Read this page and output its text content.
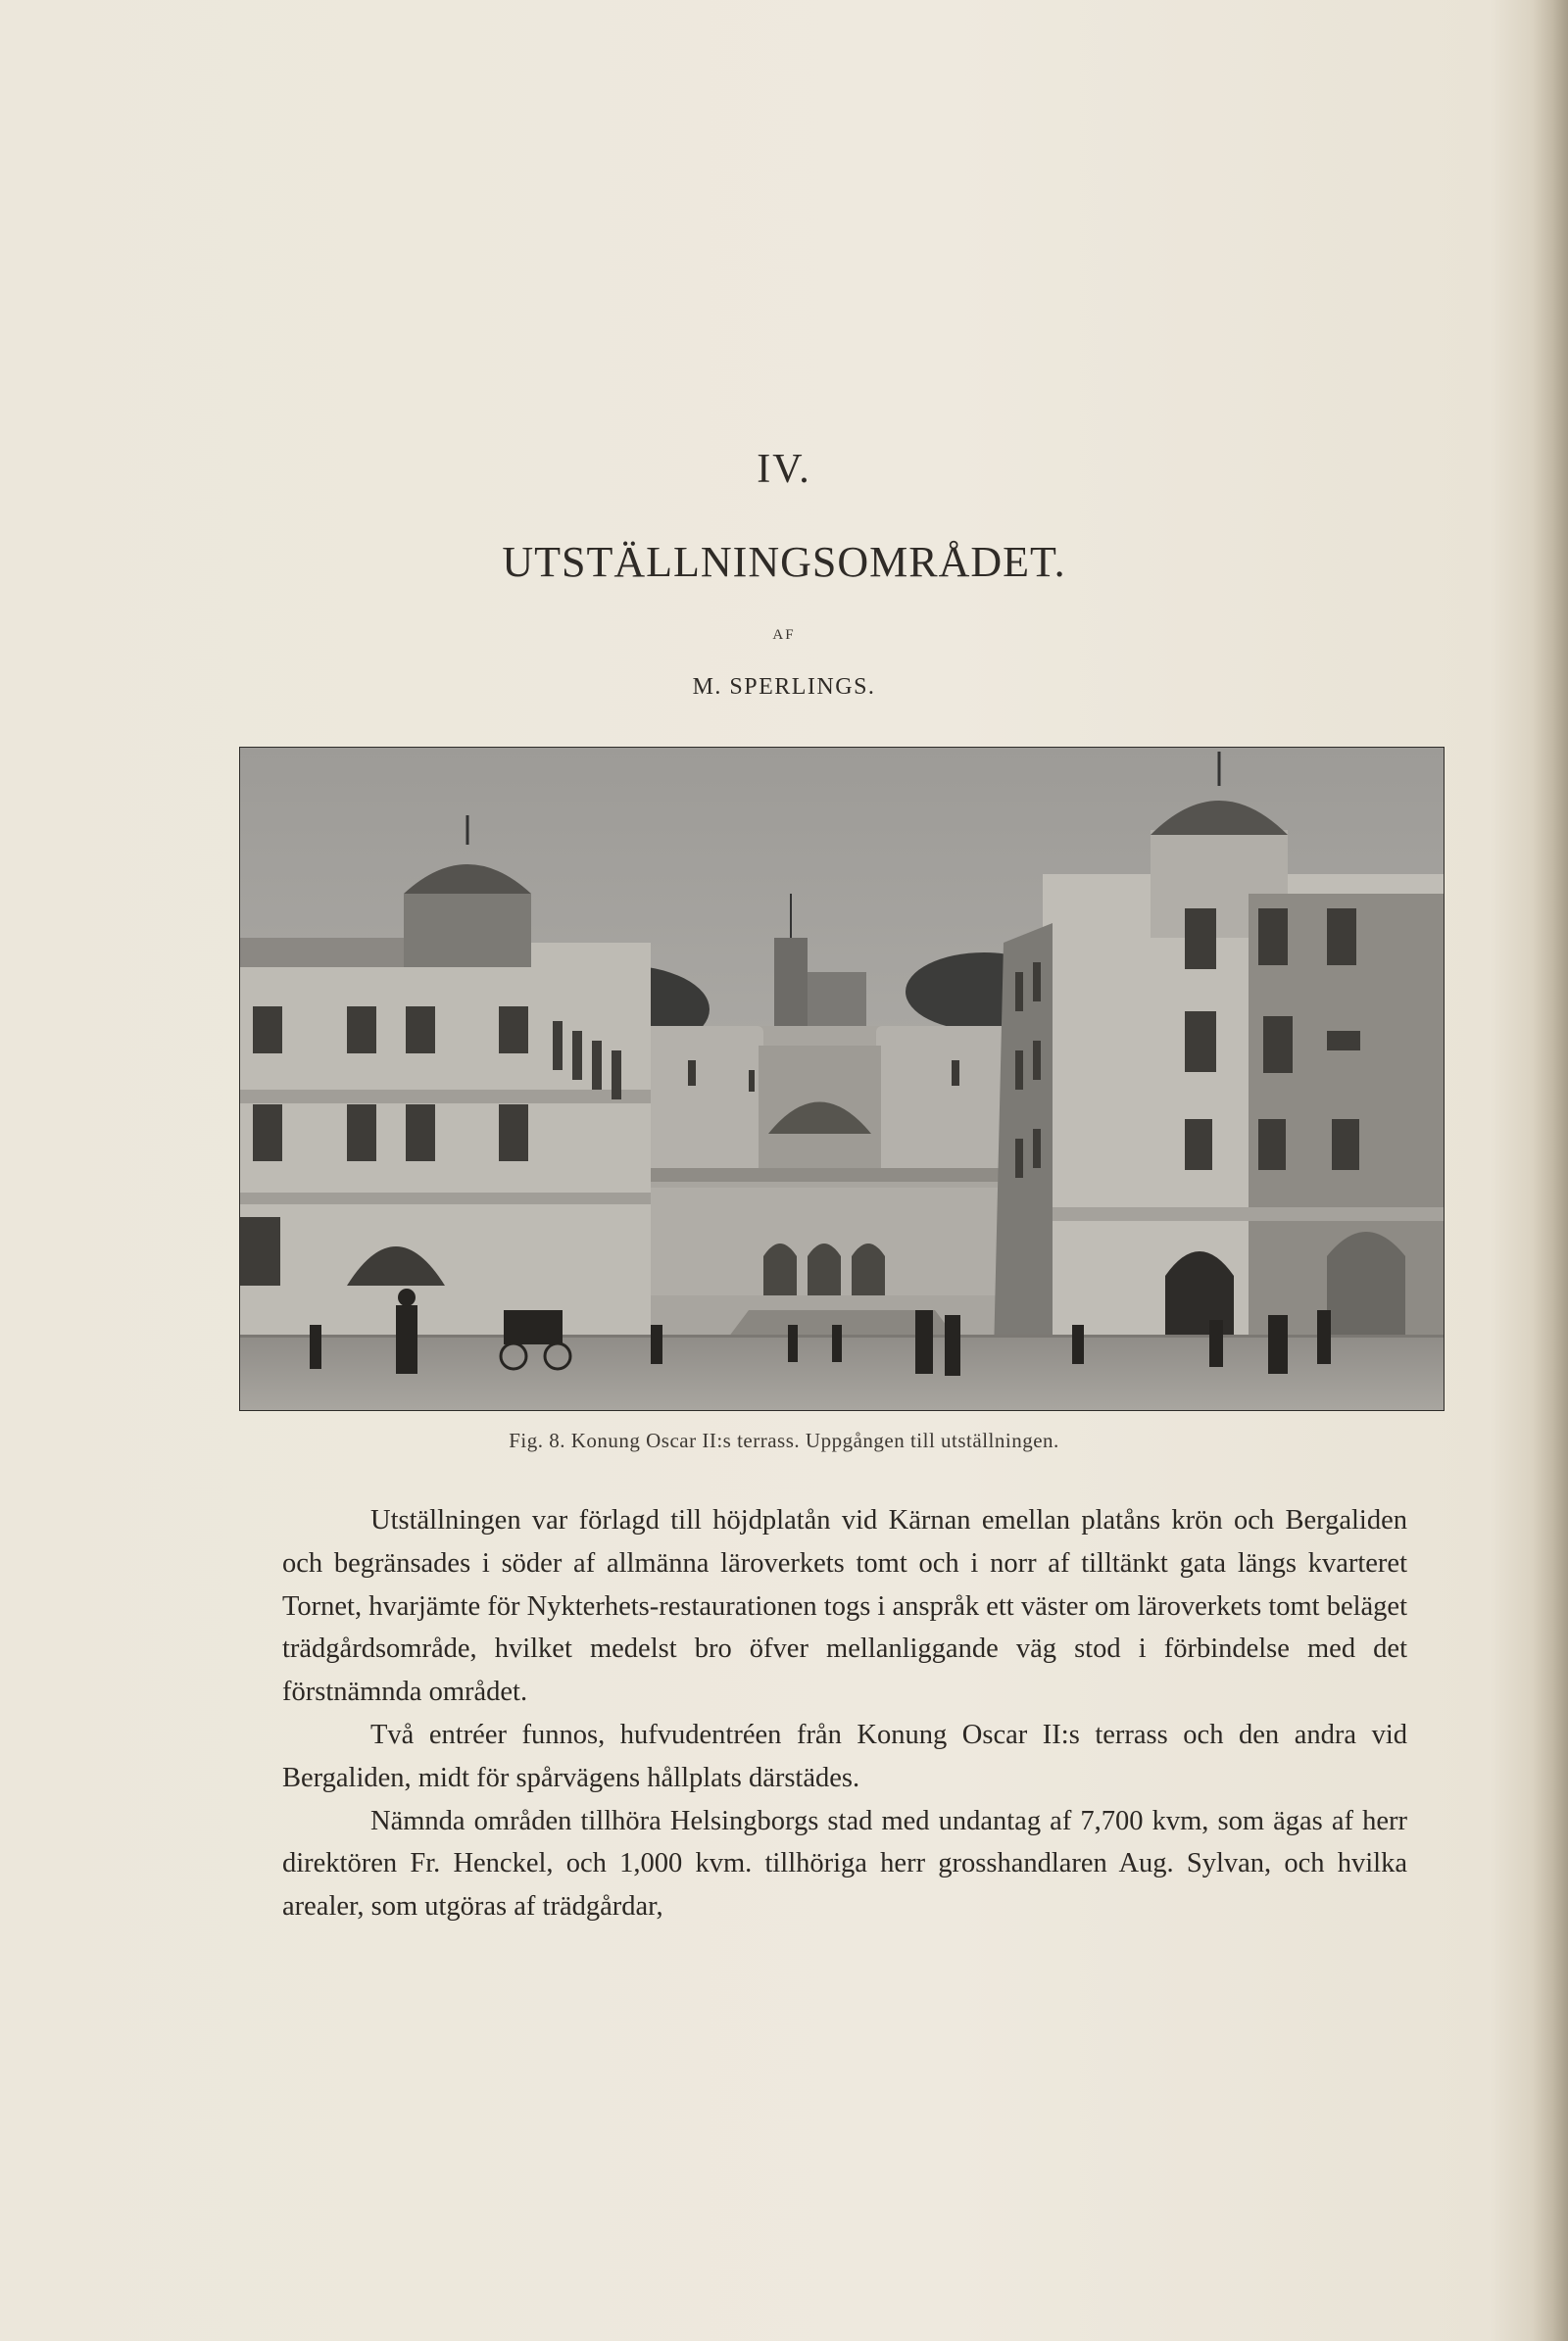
IV.
UTSTÄLLNINGSOMRÅDET.
AF
M. SPERLINGS.
Fig. 8. Konung Oscar II:s terrass. Uppgången till utställningen.

Utställningen var förlagd till höjdplatån vid Kärnan emellan platåns krön och Bergaliden och begränsades i söder af allmänna läroverkets tomt och i norr af tilltänkt gata längs kvarteret Tornet, hvarjämte för Nykterhets-restaurationen togs i anspråk ett väster om läroverkets tomt beläget trädgårdsområde, hvilket medelst bro öfver mellanliggande väg stod i förbindelse med det förstnämnda området.

Två entréer funnos, hufvudentréen från Konung Oscar II:s terrass och den andra vid Bergaliden, midt för spårvägens hållplats därstädes.

Nämnda områden tillhöra Helsingborgs stad med undantag af 7,700 kvm, som ägas af herr direktören Fr. Henckel, och 1,000 kvm. tillhöriga herr grosshandlaren Aug. Sylvan, och hvilka arealer, som utgöras af trädgårdar,
